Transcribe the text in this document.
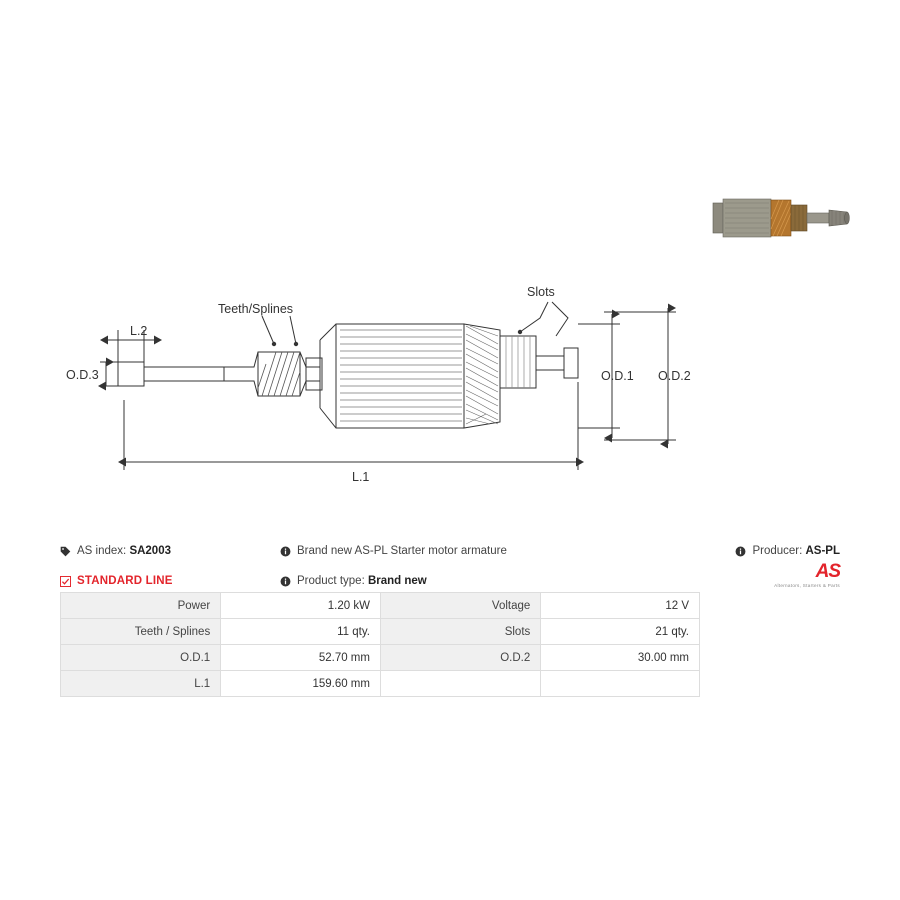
Teeth/Splines
Slots
L.2
O.D.3	O.D.1 O.D.2
L.1
AS index:
SA2003	Brand new AS-PL Starter motor armature	Producer:
AS-PL
STANDARD LINE	Product type:
Brand new	AS
Alternators, Starters & Parts
Power	1.20 kW	Voltage	12 V
Teeth / Splines	11 qty.	Slots	21 qty.
O.D.1	52.70 mm	O.D.2	30.00 mm
L.1	159.60 mm		
